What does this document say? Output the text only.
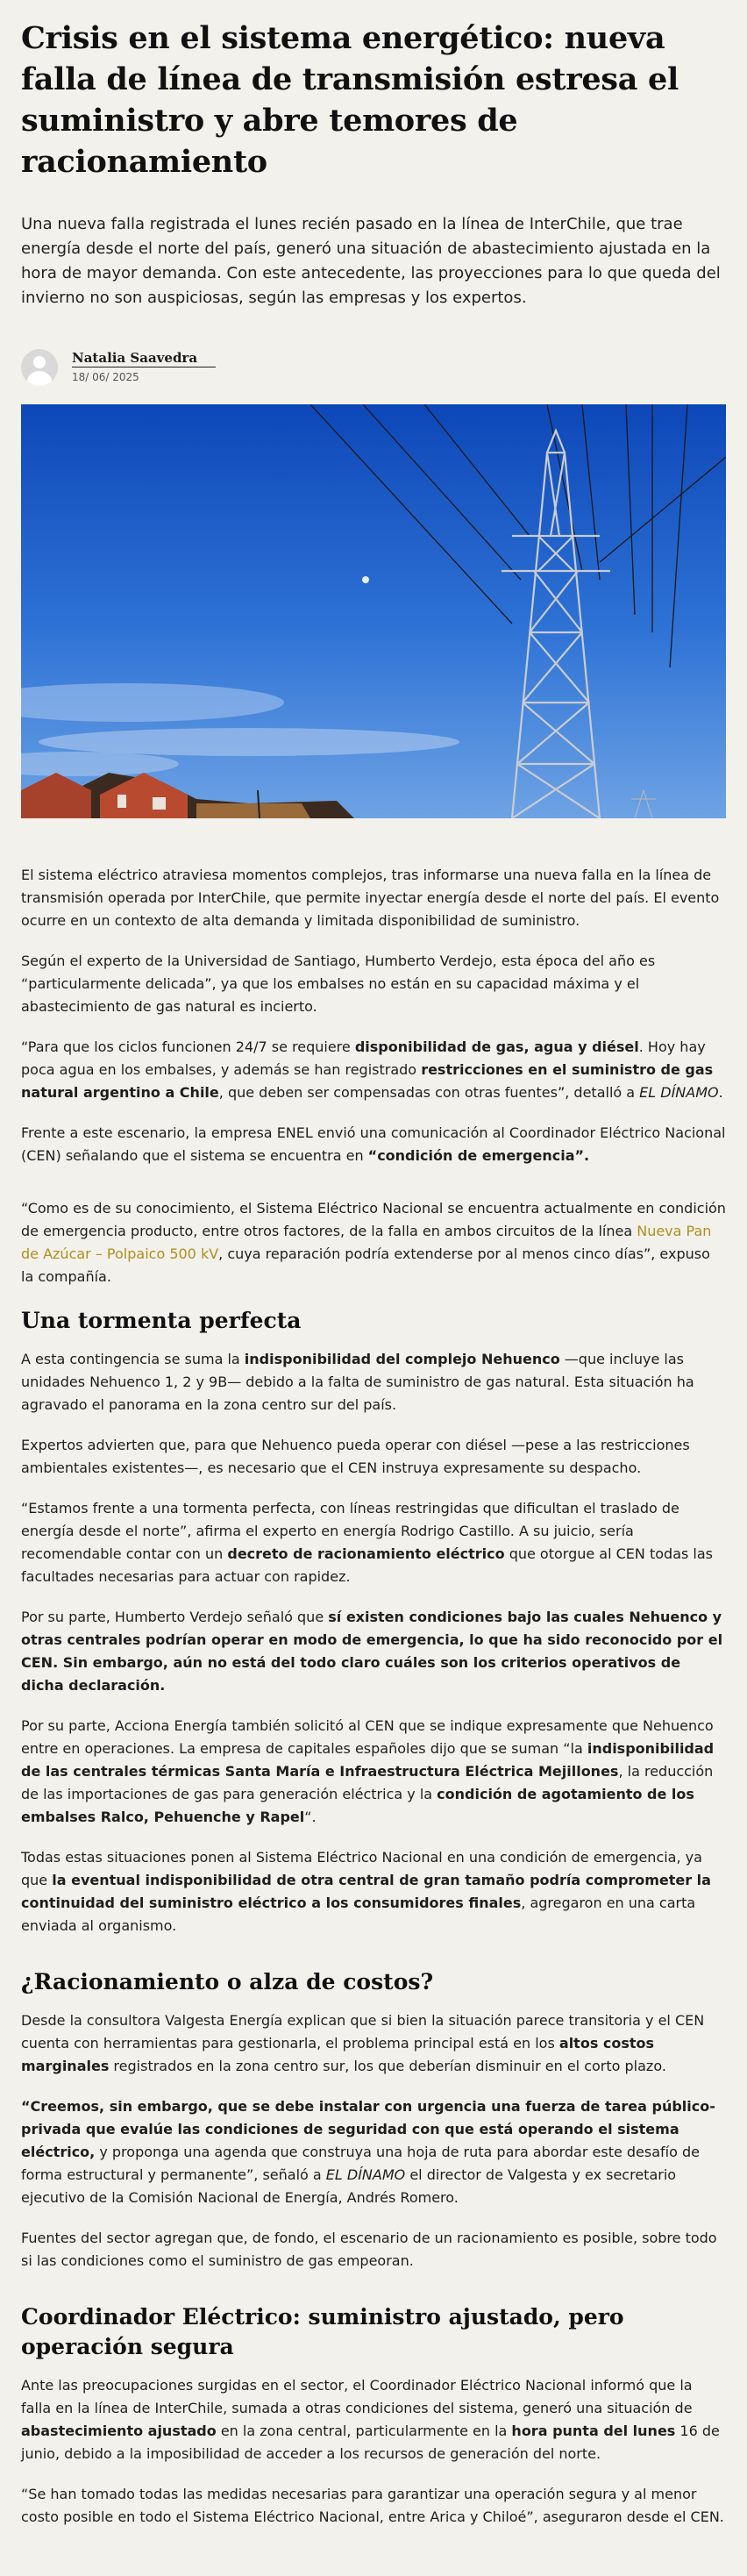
Crisis en el sistema energético: nueva falla de línea de transmisión estresa el suministro y abre temores de racionamiento

Una nueva falla registrada el lunes recién pasado en la línea de InterChile, que trae energía desde el norte del país, generó una situación de abastecimiento ajustada en la hora de mayor demanda. Con este antecedente, las proyecciones para lo que queda del invierno no son auspiciosas, según las empresas y los expertos.

Natalia Saavedra
18/ 06/ 2025

El sistema eléctrico atraviesa momentos complejos, tras informarse una nueva falla en la línea de transmisión operada por InterChile, que permite inyectar energía desde el norte del país. El evento ocurre en un contexto de alta demanda y limitada disponibilidad de suministro.

Según el experto de la Universidad de Santiago, Humberto Verdejo, esta época del año es “particularmente delicada”, ya que los embalses no están en su capacidad máxima y el abastecimiento de gas natural es incierto.

“Para que los ciclos funcionen 24/7 se requiere disponibilidad de gas, agua y diésel. Hoy hay poca agua en los embalses, y además se han registrado restricciones en el suministro de gas natural argentino a Chile, que deben ser compensadas con otras fuentes”, detalló a EL DÍNAMO.

Frente a este escenario, la empresa ENEL envió una comunicación al Coordinador Eléctrico Nacional (CEN) señalando que el sistema se encuentra en “condición de emergencia”.

“Como es de su conocimiento, el Sistema Eléctrico Nacional se encuentra actualmente en condición de emergencia producto, entre otros factores, de la falla en ambos circuitos de la línea Nueva Pan de Azúcar – Polpaico 500 kV, cuya reparación podría extenderse por al menos cinco días”, expuso la compañía.

Una tormenta perfecta

A esta contingencia se suma la indisponibilidad del complejo Nehuenco —que incluye las unidades Nehuenco 1, 2 y 9B— debido a la falta de suministro de gas natural. Esta situación ha agravado el panorama en la zona centro sur del país.

Expertos advierten que, para que Nehuenco pueda operar con diésel —pese a las restricciones ambientales existentes—, es necesario que el CEN instruya expresamente su despacho.

“Estamos frente a una tormenta perfecta, con líneas restringidas que dificultan el traslado de energía desde el norte”, afirma el experto en energía Rodrigo Castillo. A su juicio, sería recomendable contar con un decreto de racionamiento eléctrico que otorgue al CEN todas las facultades necesarias para actuar con rapidez.

Por su parte, Humberto Verdejo señaló que sí existen condiciones bajo las cuales Nehuenco y otras centrales podrían operar en modo de emergencia, lo que ha sido reconocido por el CEN. Sin embargo, aún no está del todo claro cuáles son los criterios operativos de dicha declaración.

Por su parte, Acciona Energía también solicitó al CEN que se indique expresamente que Nehuenco entre en operaciones. La empresa de capitales españoles dijo que se suman “la indisponibilidad de las centrales térmicas Santa María e Infraestructura Eléctrica Mejillones, la reducción de las importaciones de gas para generación eléctrica y la condición de agotamiento de los embalses Ralco, Pehuenche y Rapel“.

Todas estas situaciones ponen al Sistema Eléctrico Nacional en una condición de emergencia, ya que la eventual indisponibilidad de otra central de gran tamaño podría comprometer la continuidad del suministro eléctrico a los consumidores finales, agregaron en una carta enviada al organismo.

¿Racionamiento o alza de costos?

Desde la consultora Valgesta Energía explican que si bien la situación parece transitoria y el CEN cuenta con herramientas para gestionarla, el problema principal está en los altos costos marginales registrados en la zona centro sur, los que deberían disminuir en el corto plazo.

“Creemos, sin embargo, que se debe instalar con urgencia una fuerza de tarea público-privada que evalúe las condiciones de seguridad con que está operando el sistema eléctrico, y proponga una agenda que construya una hoja de ruta para abordar este desafío de forma estructural y permanente”, señaló a EL DÍNAMO el director de Valgesta y ex secretario ejecutivo de la Comisión Nacional de Energía, Andrés Romero.

Fuentes del sector agregan que, de fondo, el escenario de un racionamiento es posible, sobre todo si las condiciones como el suministro de gas empeoran.

Coordinador Eléctrico: suministro ajustado, pero operación segura

Ante las preocupaciones surgidas en el sector, el Coordinador Eléctrico Nacional informó que la falla en la línea de InterChile, sumada a otras condiciones del sistema, generó una situación de abastecimiento ajustado en la zona central, particularmente en la hora punta del lunes 16 de junio, debido a la imposibilidad de acceder a los recursos de generación del norte.

“Se han tomado todas las medidas necesarias para garantizar una operación segura y al menor costo posible en todo el Sistema Eléctrico Nacional, entre Arica y Chiloé”, aseguraron desde el CEN.
